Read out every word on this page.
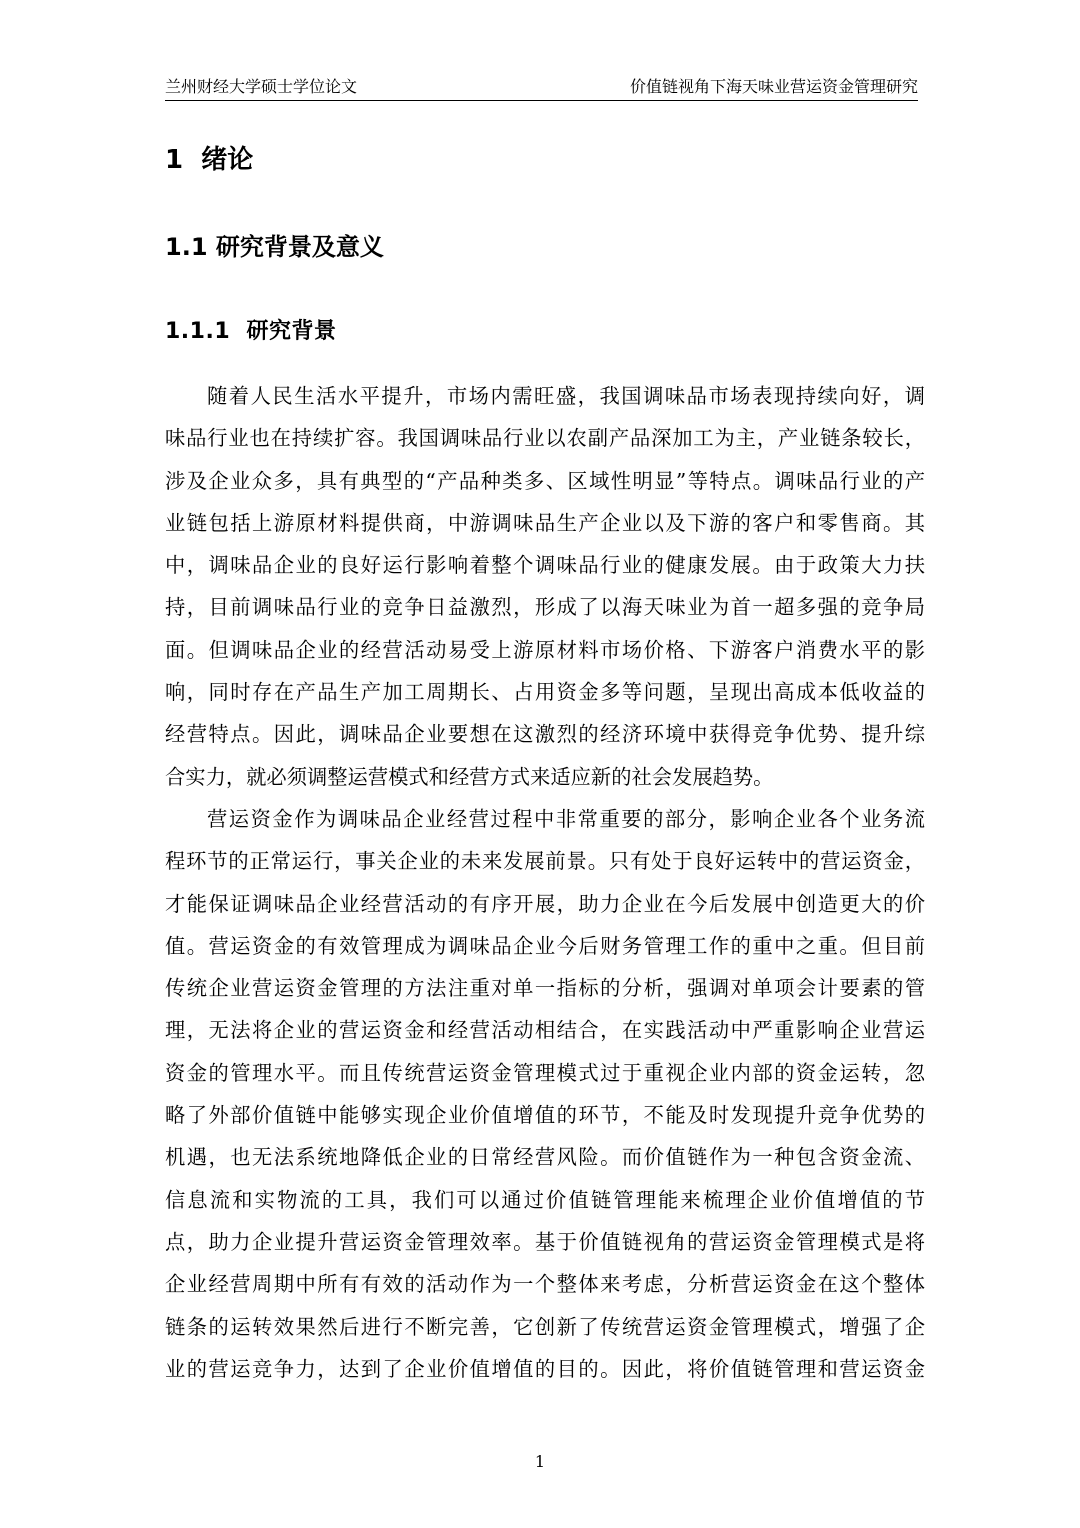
兰州财经大学硕士学位论文	价值链视角下海天味业营运资金管理研究
1  绪论
1.1 研究背景及意义
1.1.1  研究背景
随着人民生活水平提升，市场内需旺盛，我国调味品市场表现持续向好，调
味品行业也在持续扩容。我国调味品行业以农副产品深加工为主，产业链条较长，
涉及企业众多，具有典型的“产品种类多、区域性明显”等特点。调味品行业的产
业链包括上游原材料提供商，中游调味品生产企业以及下游的客户和零售商。其
中，调味品企业的良好运行影响着整个调味品行业的健康发展。由于政策大力扶
持，目前调味品行业的竞争日益激烈，形成了以海天味业为首一超多强的竞争局
面。但调味品企业的经营活动易受上游原材料市场价格、下游客户消费水平的影
响，同时存在产品生产加工周期长、占用资金多等问题，呈现出高成本低收益的
经营特点。因此，调味品企业要想在这激烈的经济环境中获得竞争优势、提升综
合实力，就必须调整运营模式和经营方式来适应新的社会发展趋势。
营运资金作为调味品企业经营过程中非常重要的部分，影响企业各个业务流
程环节的正常运行，事关企业的未来发展前景。只有处于良好运转中的营运资金，
才能保证调味品企业经营活动的有序开展，助力企业在今后发展中创造更大的价
值。营运资金的有效管理成为调味品企业今后财务管理工作的重中之重。但目前
传统企业营运资金管理的方法注重对单一指标的分析，强调对单项会计要素的管
理，无法将企业的营运资金和经营活动相结合，在实践活动中严重影响企业营运
资金的管理水平。而且传统营运资金管理模式过于重视企业内部的资金运转，忽
略了外部价值链中能够实现企业价值增值的环节，不能及时发现提升竞争优势的
机遇，也无法系统地降低企业的日常经营风险。而价值链作为一种包含资金流、
信息流和实物流的工具，我们可以通过价值链管理能来梳理企业价值增值的节
点，助力企业提升营运资金管理效率。基于价值链视角的营运资金管理模式是将
企业经营周期中所有有效的活动作为一个整体来考虑，分析营运资金在这个整体
链条的运转效果然后进行不断完善，它创新了传统营运资金管理模式，增强了企
业的营运竞争力，达到了企业价值增值的目的。因此，将价值链管理和营运资金
1
